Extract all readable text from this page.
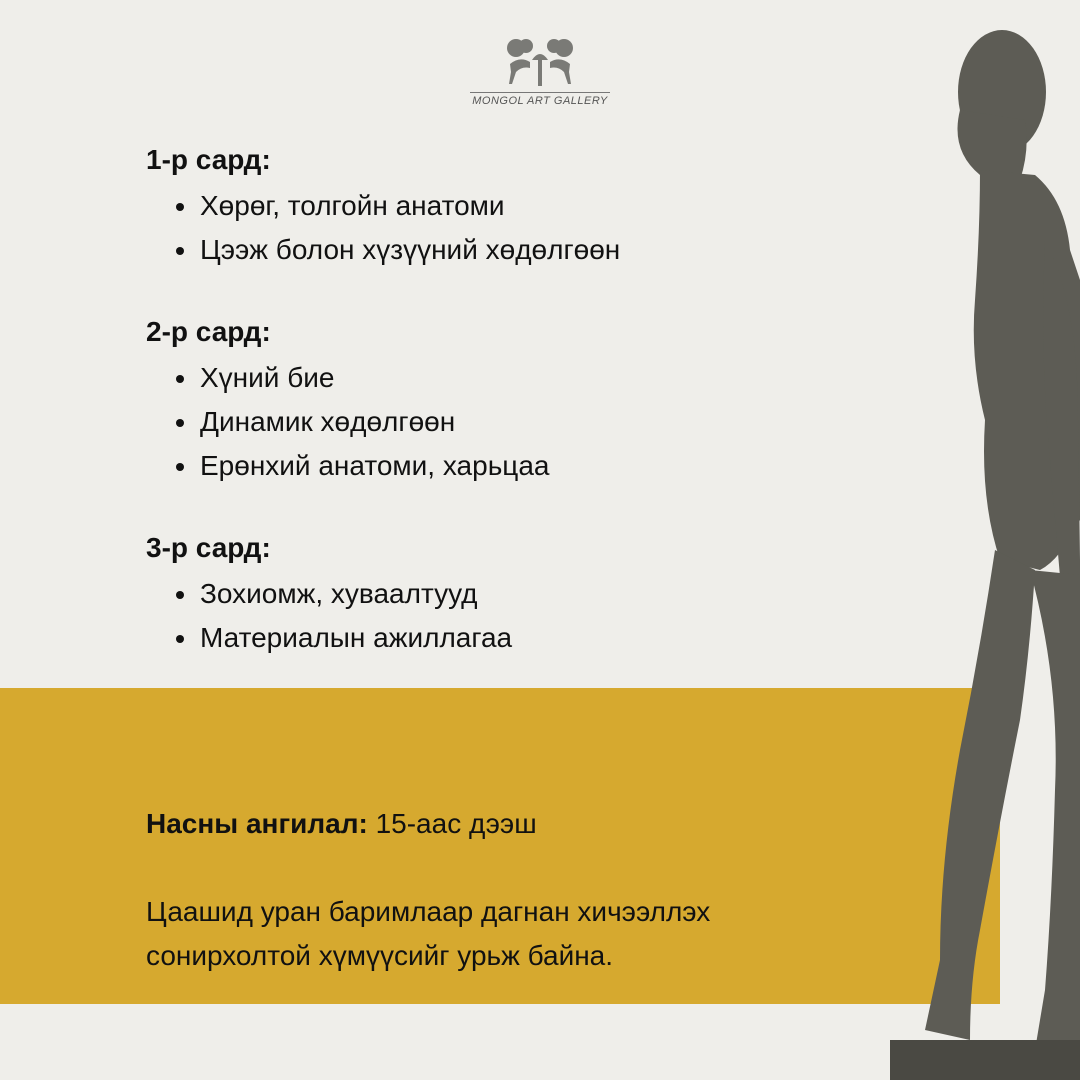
MONGOL ART GALLERY
1-р сард:
Хөрөг, толгойн анатоми
Цээж болон хүзүүний хөдөлгөөн
2-р сард:
Хүний бие
Динамик хөдөлгөөн
Ерөнхий анатоми, харьцаа
3-р сард:
Зохиомж, хуваалтууд
Материалын ажиллагаа
Насны ангилал: 15-аас дээш
Цаашид уран баримлаар дагнан хичээллэх
сонирхолтой хүмүүсийг урьж байна.
